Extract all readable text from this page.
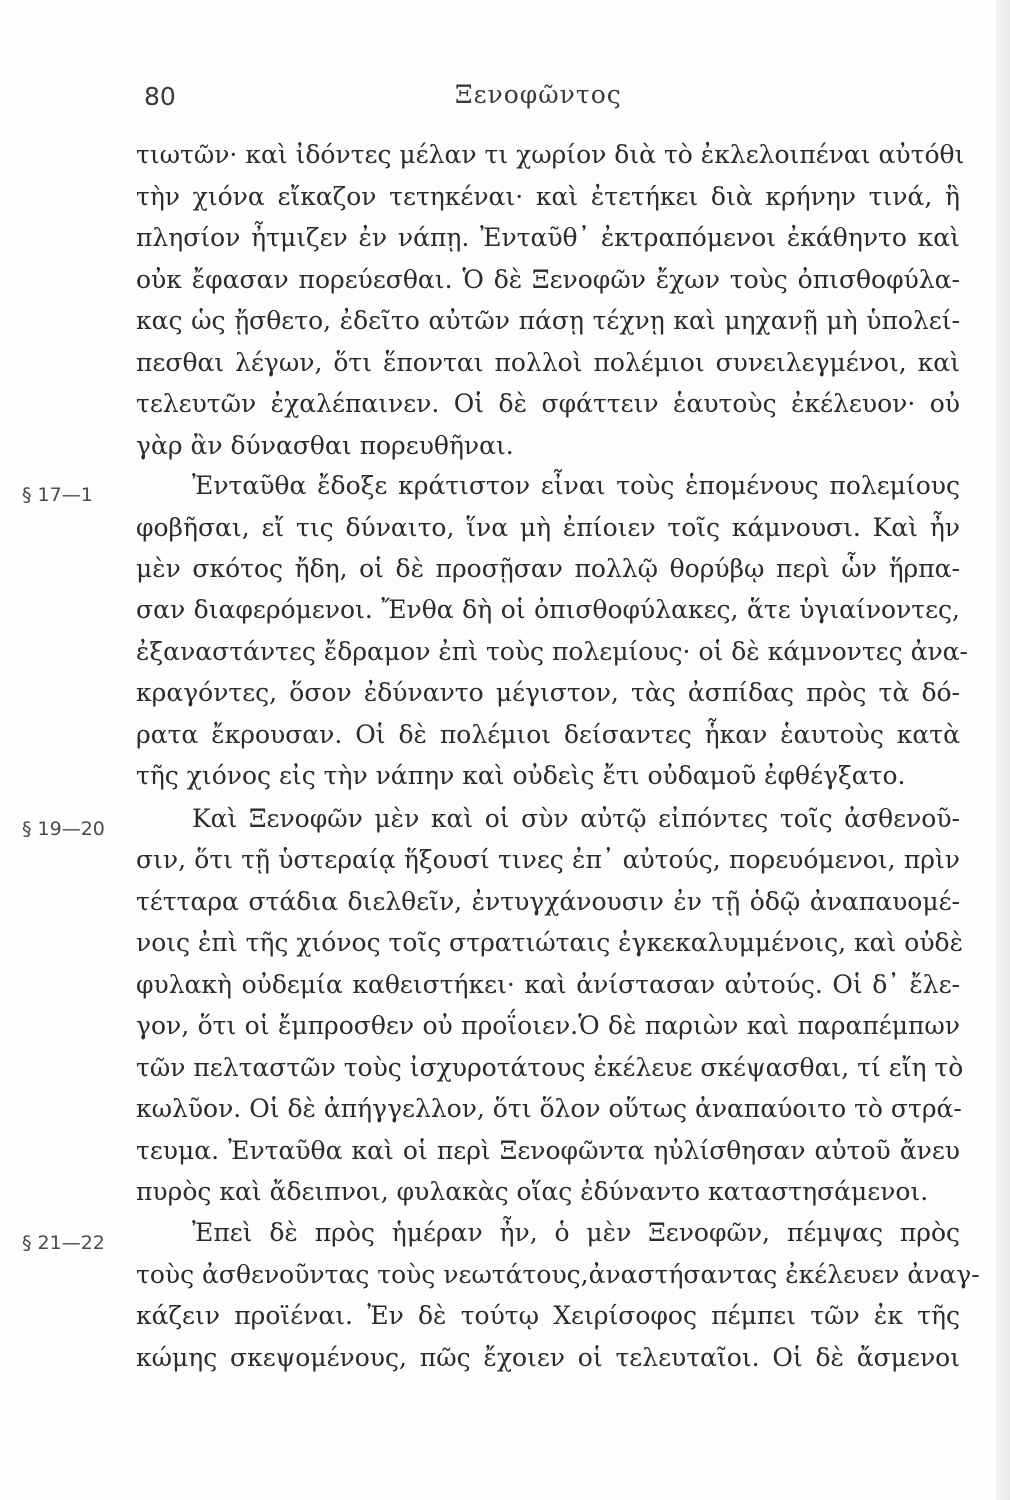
80	Ξενοφῶντος
§ 17—1
§ 19—20
§ 21—22
τιωτῶν· καὶ ἰδόντες μέλαν τι χωρίον διὰ τὸ ἐκλελοιπέναι αὐτόθι
τὴν χιόνα εἴκαζον τετηκέναι· καὶ ἐτετήκει διὰ κρήνην τινά, ἣ
πλησίον ἦτμιζεν ἐν νάπῃ. Ἐνταῦθ᾽ ἐκτραπόμενοι ἐκάθηντο καὶ
οὐκ ἔφασαν πορεύεσθαι. Ὁ δὲ Ξενοφῶν ἔχων τοὺς ὀπισθοφύλα-
κας ὡς ᾔσθετο, ἐδεῖτο αὐτῶν πάσῃ τέχνῃ καὶ μηχανῇ μὴ ὑπολεί-
πεσθαι λέγων, ὅτι ἕπονται πολλοὶ πολέμιοι συνειλεγμένοι, καὶ
τελευτῶν ἐχαλέπαινεν. Οἱ δὲ σφάττειν ἑαυτοὺς ἐκέλευον· οὐ
γὰρ ἂν δύνασθαι πορευθῆναι.
Ἐνταῦθα ἔδοξε κράτιστον εἶναι τοὺς ἑπομένους πολεμίους
φοβῆσαι, εἴ τις δύναιτο, ἵνα μὴ ἐπίοιεν τοῖς κάμνουσι. Καὶ ἦν
μὲν σκότος ἤδη, οἱ δὲ προσῇσαν πολλῷ θορύβῳ περὶ ὧν ἥρπα-
σαν διαφερόμενοι. Ἔνθα δὴ οἱ ὀπισθοφύλακες, ἅτε ὑγιαίνοντες,
ἐξαναστάντες ἔδραμον ἐπὶ τοὺς πολεμίους· οἱ δὲ κάμνοντες ἀνα-
κραγόντες, ὅσον ἐδύναντο μέγιστον, τὰς ἀσπίδας πρὸς τὰ δό-
ρατα ἔκρουσαν. Οἱ δὲ πολέμιοι δείσαντες ἧκαν ἑαυτοὺς κατὰ
τῆς χιόνος εἰς τὴν νάπην καὶ οὐδεὶς ἔτι οὐδαμοῦ ἐφθέγξατο.
Καὶ Ξενοφῶν μὲν καὶ οἱ σὺν αὐτῷ εἰπόντες τοῖς ἀσθενοῦ-
σιν, ὅτι τῇ ὑστεραίᾳ ἥξουσί τινες ἐπ᾽ αὐτούς, πορευόμενοι, πρὶν
τέτταρα στάδια διελθεῖν, ἐντυγχάνουσιν ἐν τῇ ὁδῷ ἀναπαυομέ-
νοις ἐπὶ τῆς χιόνος τοῖς στρατιώταις ἐγκεκαλυμμένοις, καὶ οὐδὲ
φυλακὴ οὐδεμία καθειστήκει· καὶ ἀνίστασαν αὐτούς. Οἱ δ᾽ ἔλε-
γον, ὅτι οἱ ἔμπροσθεν οὐ προΐοιεν.Ὁ δὲ παριὼν καὶ παραπέμπων
τῶν πελταστῶν τοὺς ἰσχυροτάτους ἐκέλευε σκέψασθαι, τί εἴη τὸ
κωλῦον. Οἱ δὲ ἀπήγγελλον, ὅτι ὅλον οὕτως ἀναπαύοιτο τὸ στρά-
τευμα. Ἐνταῦθα καὶ οἱ περὶ Ξενοφῶντα ηὐλίσθησαν αὐτοῦ ἄνευ
πυρὸς καὶ ἄδειπνοι, φυλακὰς οἵας ἐδύναντο καταστησάμενοι.
Ἐπεὶ δὲ πρὸς ἡμέραν ἦν, ὁ μὲν Ξενοφῶν, πέμψας πρὸς
τοὺς ἀσθενοῦντας τοὺς νεωτάτους,ἀναστήσαντας ἐκέλευεν ἀναγ-
κάζειν προϊέναι. Ἐν δὲ τούτῳ Χειρίσοφος πέμπει τῶν ἐκ τῆς
κώμης σκεψομένους, πῶς ἔχοιεν οἱ τελευταῖοι. Οἱ δὲ ἄσμενοι
